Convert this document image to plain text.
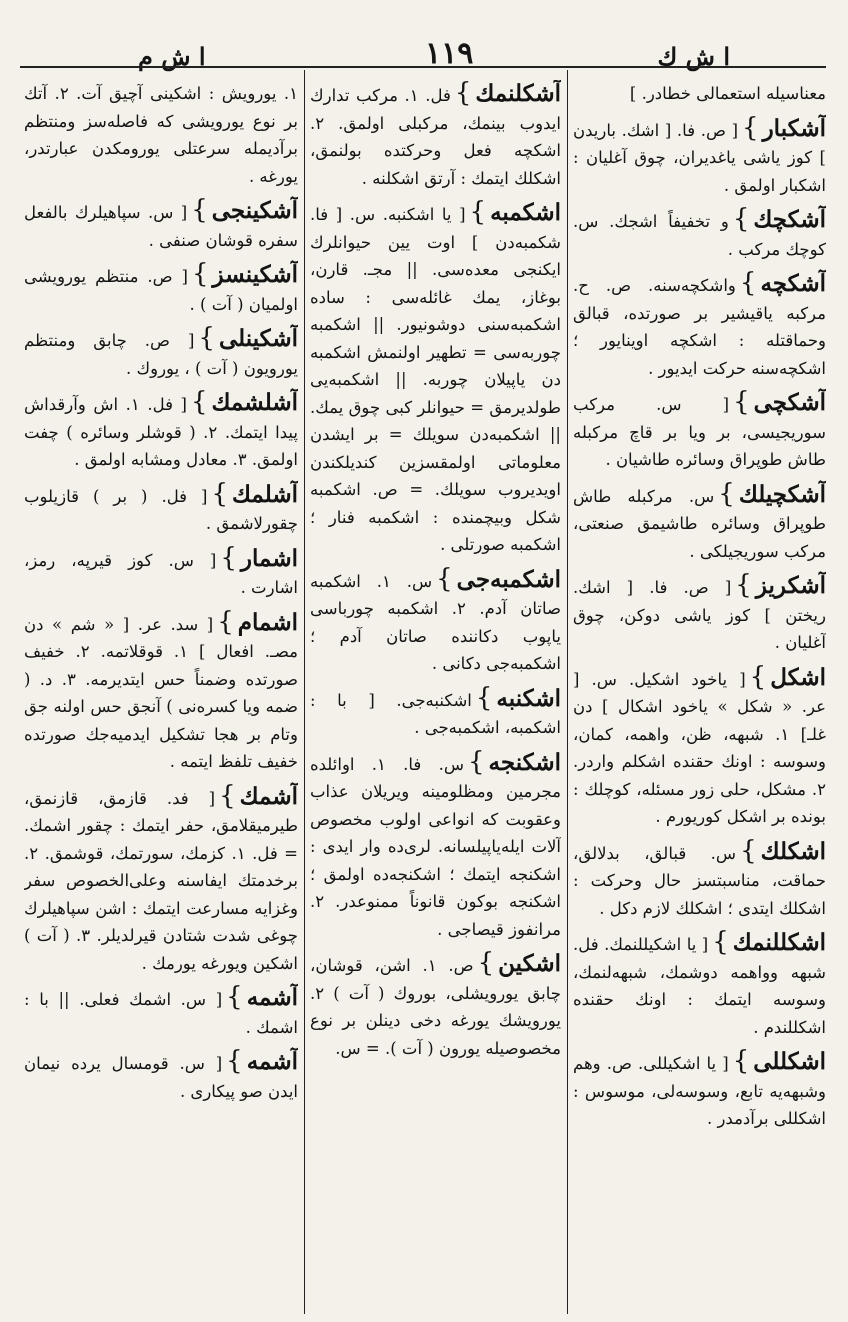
ا ش م	١١٩	ا ش ك

معناسیله استعمالی خطادر. ]

آشكبار}[ ص. فا. [ اشك. باریدن ] كوز یاشی یاغدیران، چوق آغلیان : اشكبار اولمق .

آشكچك}و تخفیفاً اشجك. س. كوچك مركب .

آشكچه}واشكچه‌سنه. ص. ح. مركبه یاقیشیر بر صورتده، قبالق وحماقتله : اشكچه اوینایور ؛ اشكچه‌سنه حركت ایدیور .

آشكچی}[ س. مركب سوریجیسی، بر ویا بر قاچ مركبله طاش طوپراق وسائره طاشیان .

آشكچیلك}س. مركبله طاش طوپراق وسائره طاشیمق صنعتی، مركب سوریجیلكی .

آشكریز}[ ص. فا. [ اشك. ریختن ] كوز یاشی دوكن، چوق آغلیان .

اشكل}[ یاخود اشكیل. س. [ عر. « شكل » یاخود اشكال ] دن غلـ] ١. شبهه، ظن، واهمه، كمان، وسوسه : اونك حقنده اشكلم واردر. ٢. مشكل، حلی زور مسئله، كوچلك : بونده بر اشكل كوریورم .

اشكلك}س. قبالق، بدلالق، حماقت، مناسبتسز حال وحركت : اشكلك ایتدی ؛ اشكلك لازم دكل .

اشكللنمك}[ یا اشكیللنمك. فل. شبهه وواهمه دوشمك، شبهه‌لنمك، وسوسه ایتمك : اونك حقنده اشكللندم .

اشكللی}[ یا اشكیللی. ص. وهم وشبهه‌یه تابع، وسوسه‌لی، موسوس : اشكللی برآدمدر .

آشكلنمك}فل. ١. مركب تدارك ایدوب بینمك، مركبلی اولمق. ٢. اشكچه فعل وحركتده بولنمق، اشكلك ایتمك : آرتق اشكلنه .

اشكمبه}[ یا اشكنبه. س. [ فا. شكمبه‌دن ] اوت یین حیوانلرك ایكنجی معده‌سی. || مجـ. قارن، بوغاز، یمك غائله‌سی : ساده اشكمبه‌سنی دوشونیور. || اشكمبه چوربه‌سی = تطهیر اولنمش اشكمبه دن یاپیلان چوربه. || اشكمبه‌یی طولدیرمق = حیوانلر كبی چوق یمك. || اشكمبه‌دن سویلك = بر ایشدن معلوماتی اولمقسزین كندیلكندن اویدیروب سویلك. = ص. اشكمبه شكل وبیچمنده : اشكمبه فنار ؛ اشكمبه صورتلی .

اشكمبه‌جی}س. ١. اشكمبه صاتان آدم. ٢. اشكمبه چورباسی یاپوب دكاننده صاتان آدم ؛ اشكمبه‌جی دكانی .

اشكنبه}اشكنبه‌جی. [ با : اشكمبه، اشكمبه‌جی .

اشكنجه}س. فا. ١. اوائلده مجرمین ومظلومینه ویریلان عذاب وعقوبت كه انواعی اولوب مخصوص آلات ایله‌یاپیلسانه. لری‌ده وار ایدی : اشكنجه ایتمك ؛ اشكنجه‌ده اولمق ؛ اشكنجه بوكون قانوناً ممنوعدر. ٢. مرانفوز قیصاجی .

اشكین}ص. ١. اشن، قوشان، چابق یورویشلی، بوروك ( آت ) ٢. یورویشك یورغه دخی دینلن بر نوع مخصوصیله یورون ( آت ). = س.

١. یورویش : اشكینی آچیق آت. ٢. آتك بر نوع یورویشی كه فاصله‌سز ومنتظم برآدیمله سرعتلی یورومكدن عبارتدر، یورغه .

آشكینجی}[ س. سپاهیلرك بالفعل سفره قوشان صنفی .

آشكینسز}[ ص. منتظم یورویشی اولمیان ( آت ) .

آشكینلی}[ ص. چابق ومنتظم یورویون ( آت ) ، یوروك .

آشلشمك}[ فل. ١. اش وآرقداش پیدا ایتمك. ٢. ( قوشلر وسائره ) چفت اولمق. ٣. معادل ومشابه اولمق .

آشلمك}[ فل. ( بر ) قازیلوب چقورلاشمق .

اشمار}[ س. كوز قیرپه، رمز، اشارت .

اشمام}[ سد. عر. [ « شم » دن مصـ. افعال ] ١. قوقلاتمه. ٢. خفیف صورتده وضمناً حس ایتدیرمه. ٣. د. ( ضمه ویا كسره‌نی ) آنجق حس اولنه جق وتام بر هجا تشكیل ایدمیه‌جك صورتده خفیف تلفظ ایتمه .

آشمك}[ فد. قازمق، قازنمق، طیرمیقلامق، حفر ایتمك : چقور اشمك. = فل. ١. كزمك، سورتمك، قوشمق. ٢. برخدمتك ایفاسنه وعلی‌الخصوص سفر وغزایه مسارعت ایتمك : اشن سپاهیلرك چوغی شدت شتادن قیرلدیلر. ٣. ( آت ) اشكین ویورغه یورمك .

آشمه}[ س. اشمك فعلی. || با : اشمك .

آشمه}[ س. قومسال یرده نیمان ایدن صو پیكاری .
